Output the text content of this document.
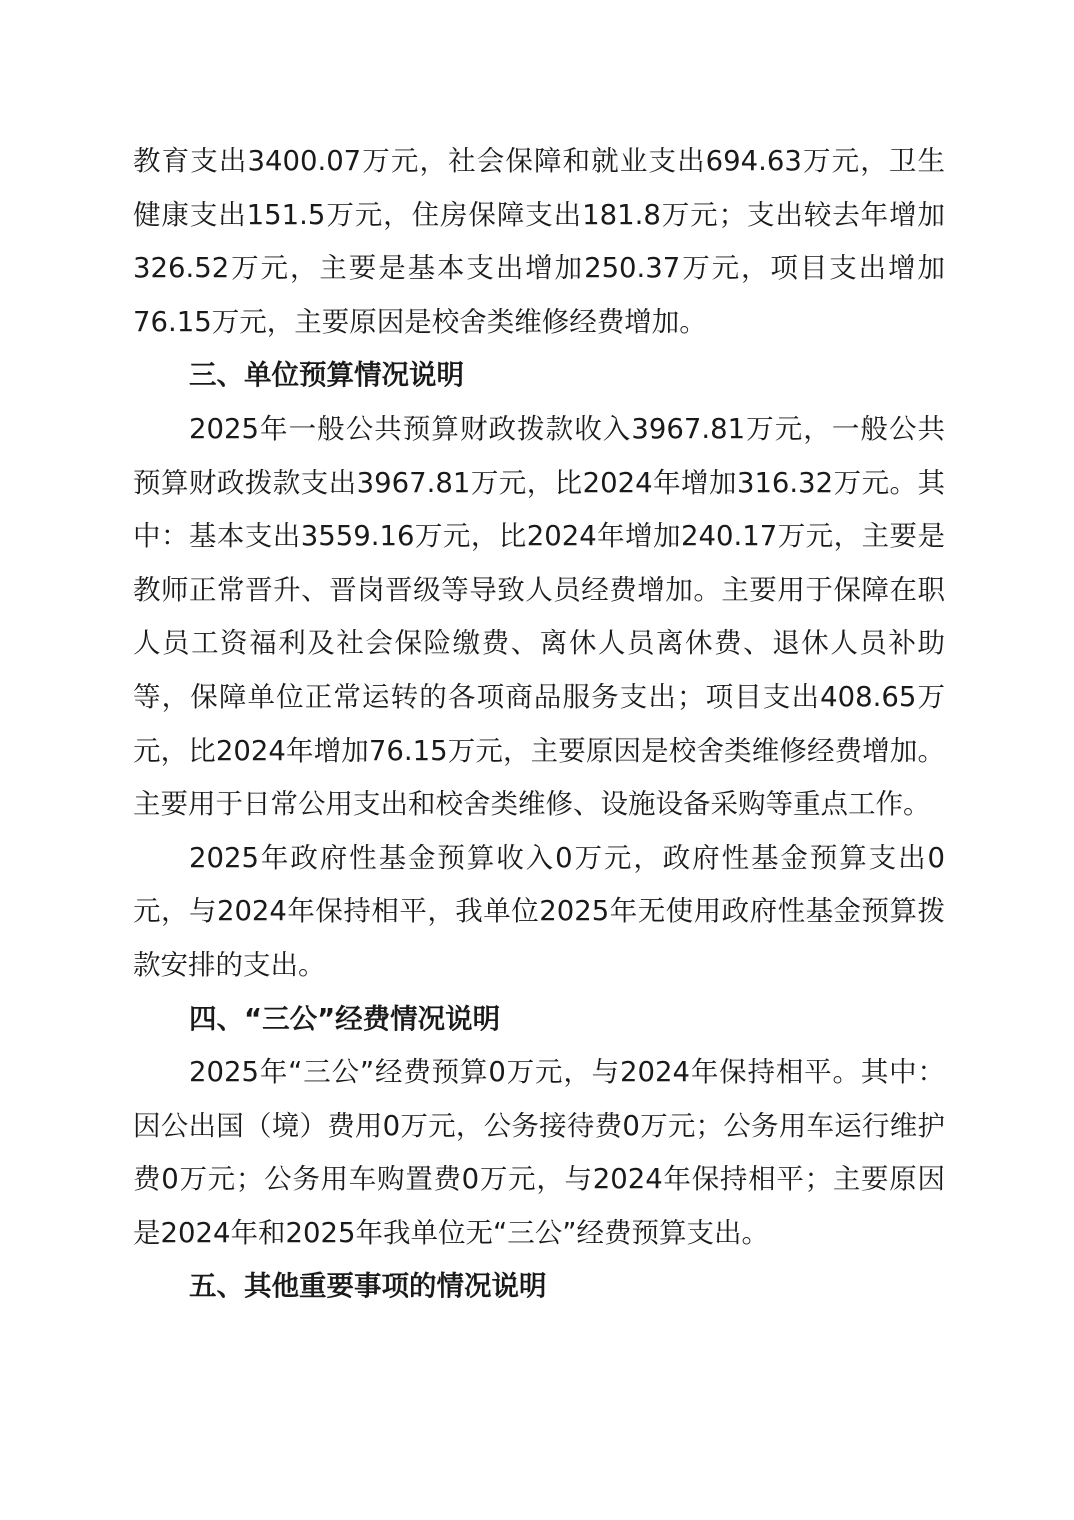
教育支出3400.07万元，社会保障和就业支出694.63万元，卫生健康支出151.5万元，住房保障支出181.8万元；支出较去年增加326.52万元，主要是基本支出增加250.37万元，项目支出增加76.15万元，主要原因是校舍类维修经费增加。

三、单位预算情况说明

2025年一般公共预算财政拨款收入3967.81万元，一般公共预算财政拨款支出3967.81万元，比2024年增加316.32万元。其中：基本支出3559.16万元，比2024年增加240.17万元，主要是教师正常晋升、晋岗晋级等导致人员经费增加。主要用于保障在职人员工资福利及社会保险缴费、离休人员离休费、退休人员补助等，保障单位正常运转的各项商品服务支出；项目支出408.65万元，比2024年增加76.15万元，主要原因是校舍类维修经费增加。主要用于日常公用支出和校舍类维修、设施设备采购等重点工作。

2025年政府性基金预算收入0万元，政府性基金预算支出0元，与2024年保持相平，我单位2025年无使用政府性基金预算拨款安排的支出。

四、“三公”经费情况说明

2025年“三公”经费预算0万元，与2024年保持相平。其中：因公出国（境）费用0万元，公务接待费0万元；公务用车运行维护费0万元；公务用车购置费0万元，与2024年保持相平；主要原因是2024年和2025年我单位无“三公”经费预算支出。

五、其他重要事项的情况说明
